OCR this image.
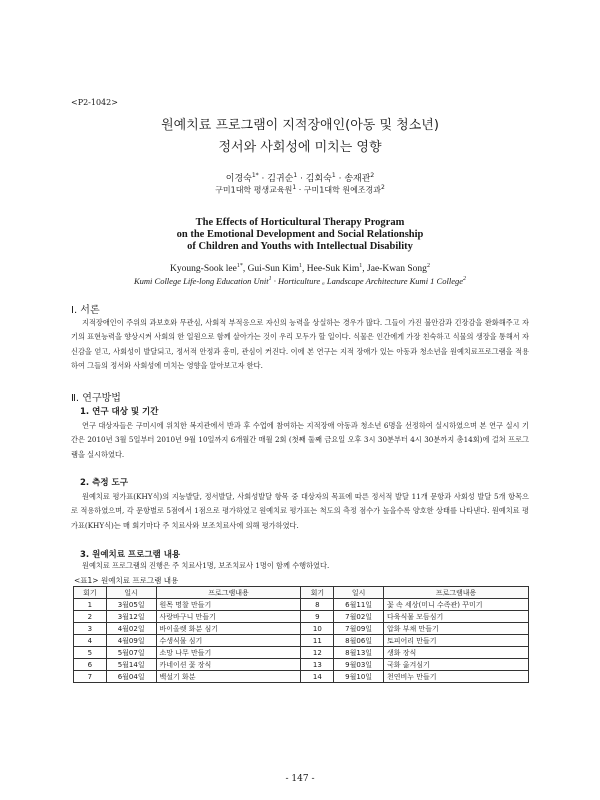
<P2-1042>
원예치료 프로그램이 지적장애인(아동 및 청소년)
정서와 사회성에 미치는 영향
이경숙$^{1*}$ · 김귀순$^1$ · 김회숙$^1$ · 송재관$^2$
구미1대학 평생교육원$^1$ · 구미1대학 원예조경과$^2$
The Effects of Horticultural Therapy Program
on the Emotional Development and Social Relationship
of Children and Youths with Intellectual Disability
Kyoung-Sook lee$^{1*}$, Gui-Sun Kim$^1$, Hee-Suk Kim$^1$, Jae-Kwan Song$^2$
Kumi College Life-long Education Unit$^1$ · Horticulture ₐ Landscape Architecture Kumi 1 College$^2$
Ⅰ. 서론
지적장애인이 주위의 과보호와 무관심, 사회적 부적응으로 자신의 능력을 상실하는 경우가 많다. 그들이 가진 불안감과 긴장감을 완화해주고 자기의 표현능력을 향상시켜 사회의 한 일원으로 함께 살아가는 것이 우리 모두가 할 일이다. 식물은 인간에게 가장 친숙하고 식물의 생장을 통해서 자신감을 얻고, 사회성이 발달되고, 정서적 안정과 흥미, 관심이 커진다. 이에 본 연구는 지적 장애가 있는 아동과 청소년을 원예치료프로그램을 적용하여 그들의 정서와 사회성에 미치는 영향을 알아보고자 한다.
Ⅱ. 연구방법
1. 연구 대상 및 기간
연구 대상자들은 구미시에 위치한 복지관에서 반과 후 수업에 참여하는 지적장애 아동과 청소년 6명을 선정하여 실시하였으며 본 연구 실시 기간은 2010년 3월 5일부터 2010년 9월 10일까지 6개월간 매월 2회 (첫째 둘째 금요일 오후 3시 30분부터 4시 30분까지 총14회)에 걸쳐 프로그램을 실시하였다.
2. 측정 도구
원예치료 평가표(KHY식)의 지능발달, 정서발달, 사회성발달 항목 중 대상자의 목표에 따른 정서적 발달 11개 문항과 사회성 발달 5개 항목으로 적용하였으며, 각 문항별로 5점에서 1점으로 평가하였고 원예치료 평가표는 척도의 측정 점수가 높을수록 양호한 상태를 나타낸다. 원예치료 평가표(KHY식)는 매 회기마다 주 치료사와 보조치료사에 의해 평가하였다.
3. 원예치료 프로그램 내용
원예치료 프로그램의 진행은 주 치료사1명, 보조치료사 1명이 함께 수행하였다.
<표1> 원예치료 프로그램 내용
회기	일시	프로그램내용	회기	일시	프로그램내용
1	3월05일	원목 명찰 만들기	8	6월11일	꽃 속 세상(미니 수족관) 꾸미기
2	3월12일	사랑바구니 만들기	9	7월02일	다육식물 모듬심기
3	4월02일	바이올렛 화분 심기	10	7월09일	압화 부채 만들기
4	4월09일	수생식물 심기	11	8월06일	토피어리 만들기
5	5월07일	소망 나무 만들기	12	8월13일	생화 장식
6	5월14일	카네이션 꽃 장식	13	9월03일	국화 옮겨심기
7	6월04일	백설기 화분	14	9월10일	천연비누 만들기
- 147 -
